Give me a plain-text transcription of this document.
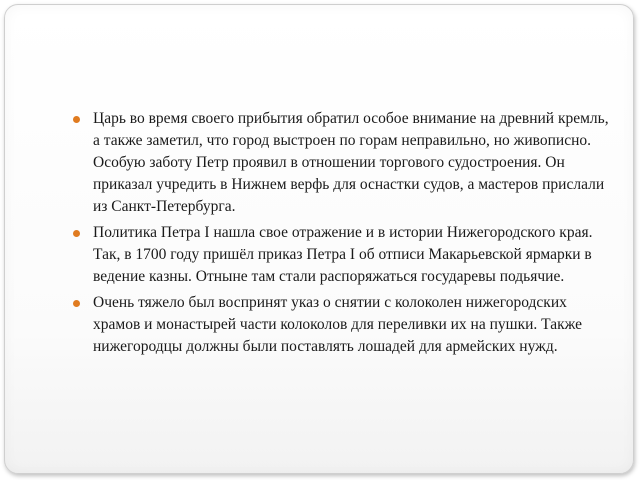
Царь во время своего прибытия обратил особое внимание на древний кремль, а также заметил, что город выстроен по горам неправильно, но живописно. Особую заботу Петр проявил в отношении торгового судостроения. Он приказал учредить в Нижнем верфь для оснастки судов, а мастеров прислали из Санкт-Петербурга.
Политика Петра I нашла свое отражение и в истории Нижегородского края. Так, в 1700 году пришёл приказ Петра I об отписи Макарьевской ярмарки в ведение казны. Отныне там стали распоряжаться государевы подьячие.
Очень тяжело был воспринят указ о снятии с колоколен нижегородских храмов и монастырей части колоколов для переливки их на пушки. Также нижегородцы должны были поставлять лошадей для армейских нужд.
